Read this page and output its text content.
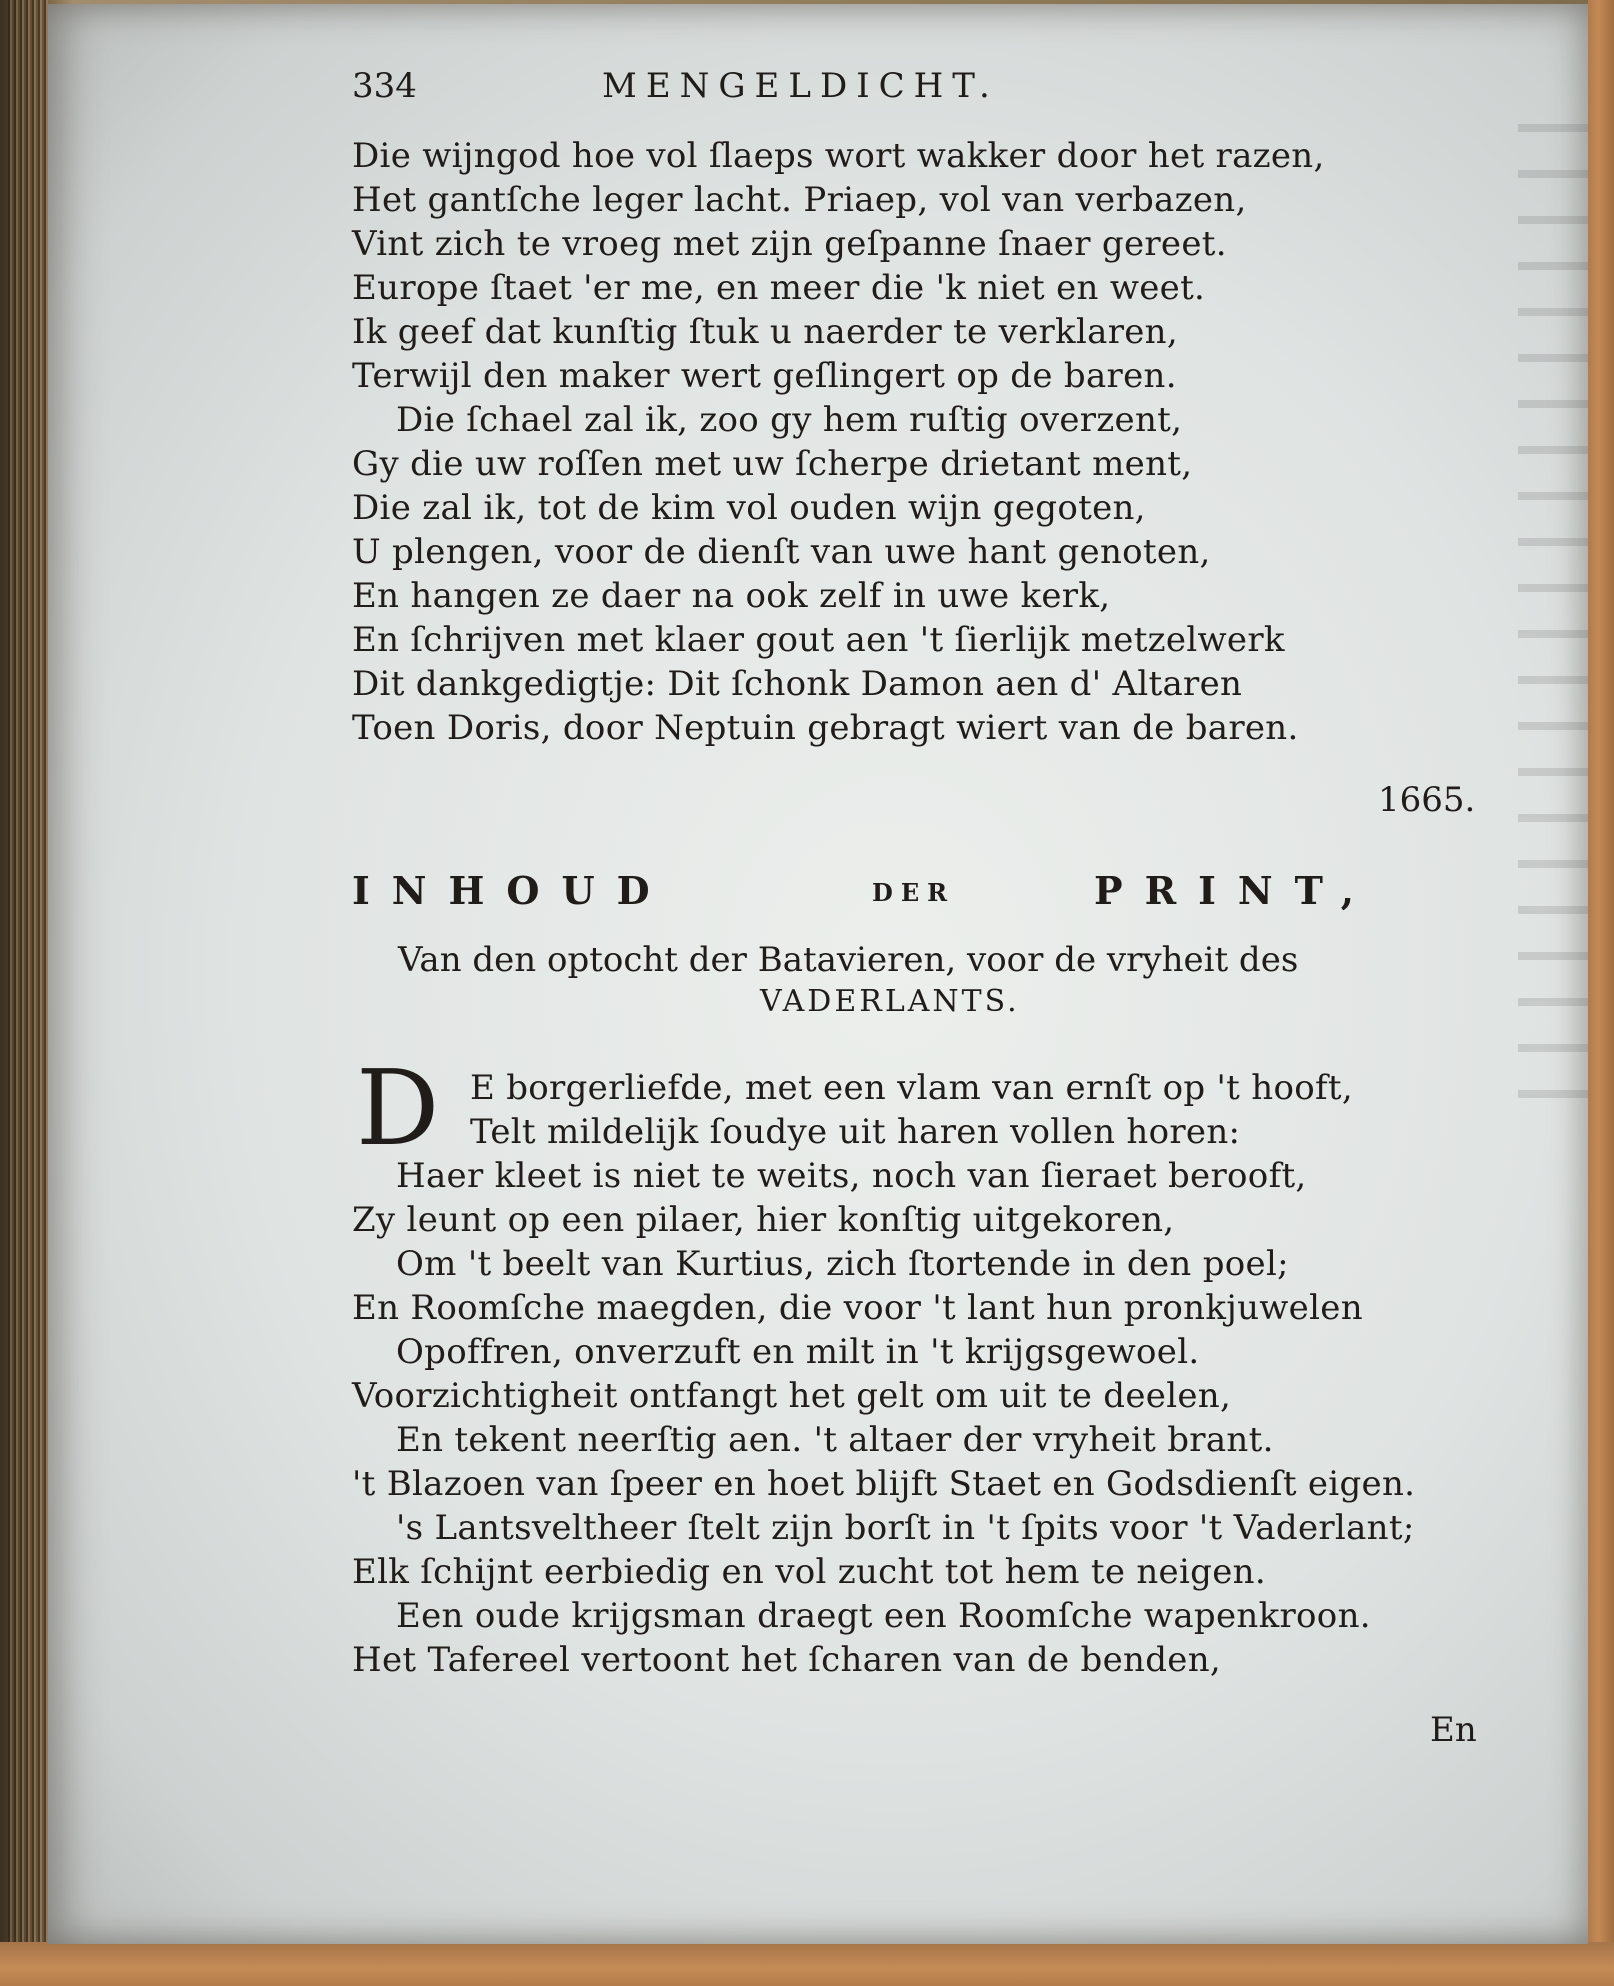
334	MENGELDICHT.
Die wijngod hoe vol ſlaeps wort wakker door het razen,
Het gantſche leger lacht. Priaep, vol van verbazen,
Vint zich te vroeg met zijn geſpanne ſnaer gereet.
Europe ſtaet 'er me, en meer die 'k niet en weet.
Ik geef dat kunſtig ſtuk u naerder te verklaren,
Terwijl den maker wert geſlingert op de baren.
Die ſchael zal ik, zoo gy hem ruſtig overzent,
Gy die uw roſſen met uw ſcherpe drietant ment,
Die zal ik, tot de kim vol ouden wijn gegoten,
U plengen, voor de dienſt van uwe hant genoten,
En hangen ze daer na ook zelf in uwe kerk,
En ſchrijven met klaer gout aen 't ſierlijk metzelwerk
Dit dankgedigtje: Dit ſchonk Damon aen d' Altaren
Toen Doris, door Neptuin gebragt wiert van de baren.
1665.
INHOUD	DER	PRINT,
Van den optocht der Batavieren, voor de vryheit des
VADERLANTS.
D E borgerliefde, met een vlam van ernſt op 't hooft,
Telt mildelijk ſoudye uit haren vollen horen:
Haer kleet is niet te weits, noch van ſieraet berooft,
Zy leunt op een pilaer, hier konſtig uitgekoren,
Om 't beelt van Kurtius, zich ſtortende in den poel;
En Roomſche maegden, die voor 't lant hun pronkjuwelen
Opoffren, onverzuft en milt in 't krijgsgewoel.
Voorzichtigheit ontfangt het gelt om uit te deelen,
En tekent neerſtig aen. 't altaer der vryheit brant.
't Blazoen van ſpeer en hoet blijft Staet en Godsdienſt eigen.
's Lantsveltheer ſtelt zijn borſt in 't ſpits voor 't Vaderlant;
Elk ſchijnt eerbiedig en vol zucht tot hem te neigen.
Een oude krijgsman draegt een Roomſche wapenkroon.
Het Tafereel vertoont het ſcharen van de benden,
En
